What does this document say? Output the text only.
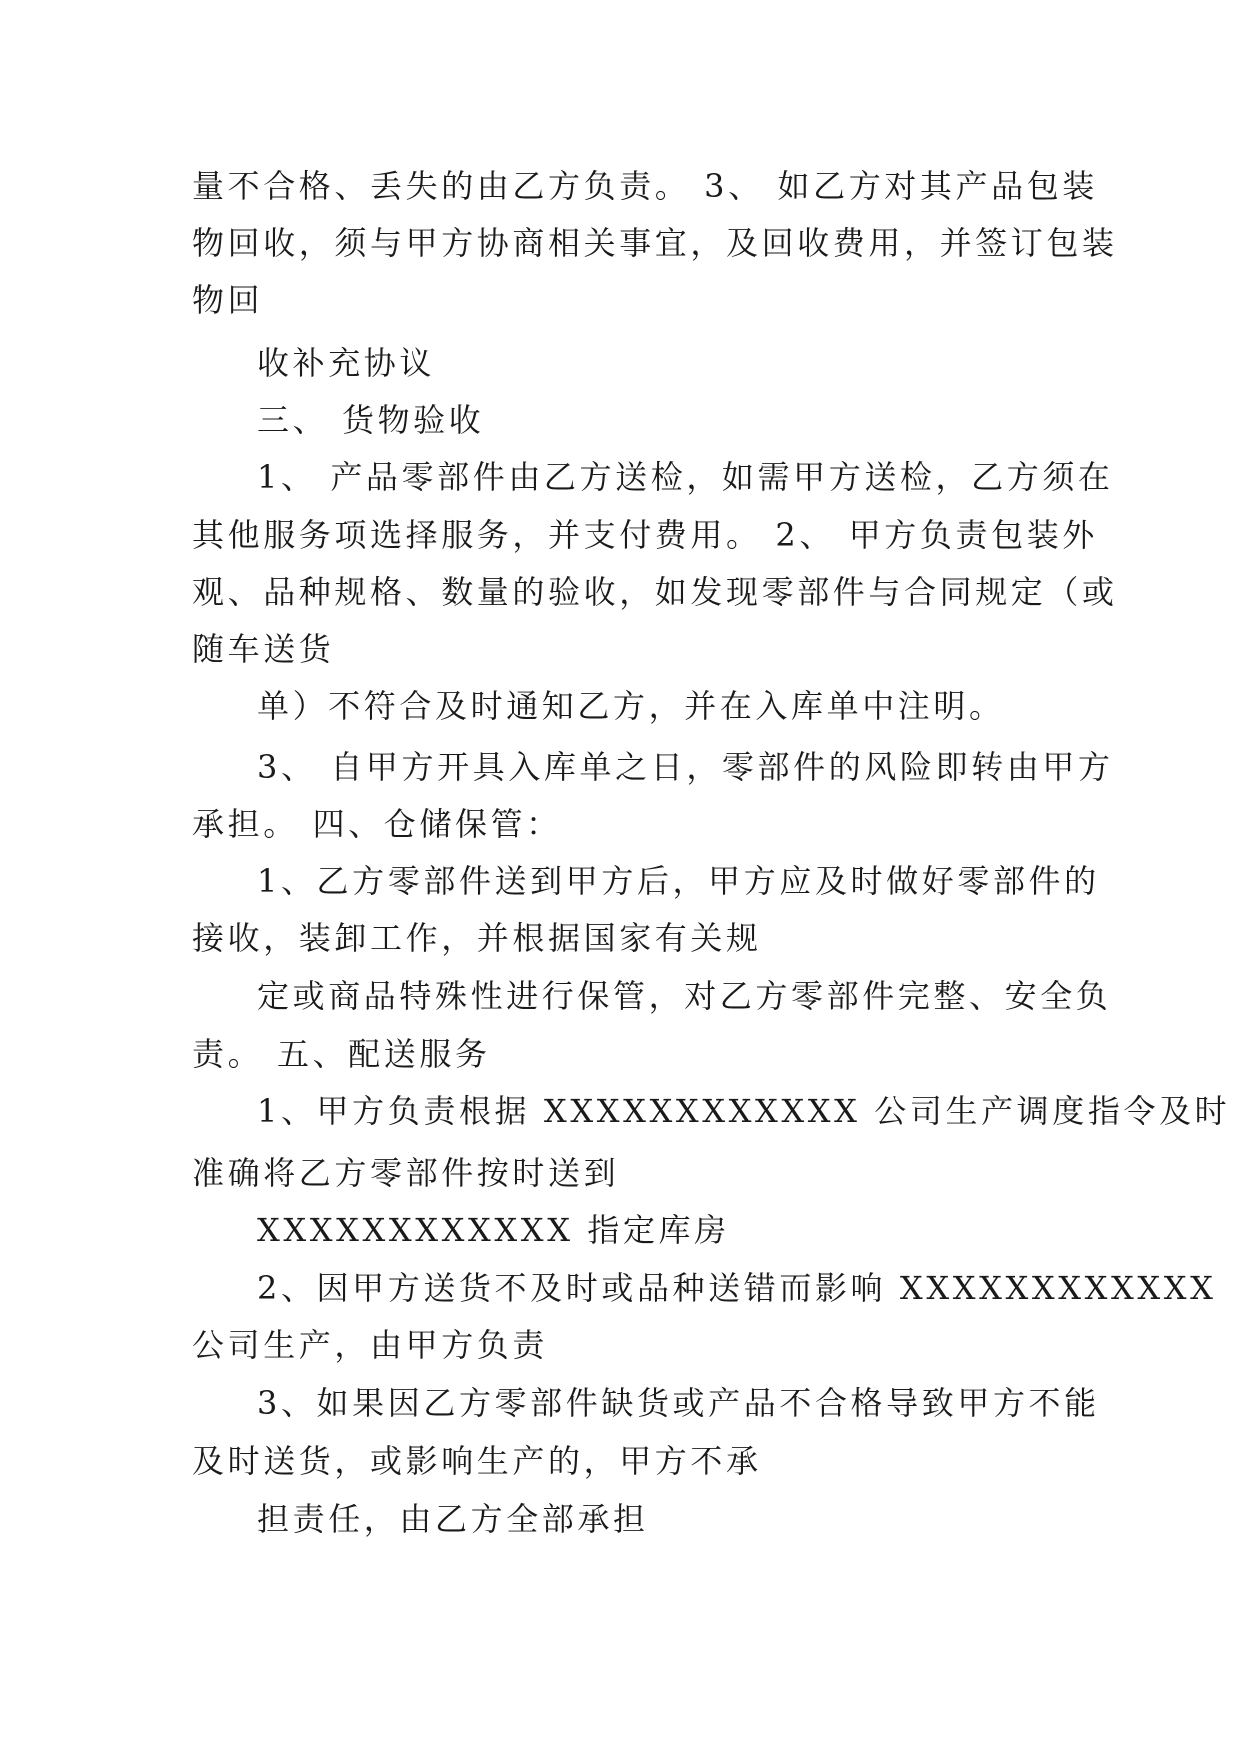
量不合格、丢失的由乙方负责。 3、 如乙方对其产品包装
物回收，须与甲方协商相关事宜，及回收费用，并签订包装
物回
收补充协议
三、 货物验收
1、 产品零部件由乙方送检，如需甲方送检，乙方须在
其他服务项选择服务，并支付费用。 2、 甲方负责包装外
观、品种规格、数量的验收，如发现零部件与合同规定（或
随车送货
单）不符合及时通知乙方，并在入库单中注明。
3、 自甲方开具入库单之日，零部件的风险即转由甲方
承担。 四、仓储保管：
1、乙方零部件送到甲方后，甲方应及时做好零部件的
接收，装卸工作，并根据国家有关规
定或商品特殊性进行保管，对乙方零部件完整、安全负
责。 五、配送服务
1、甲方负责根据 XXXXXXXXXXXX 公司生产调度指令及时
准确将乙方零部件按时送到
XXXXXXXXXXXX 指定库房
2、因甲方送货不及时或品种送错而影响 XXXXXXXXXXXX
公司生产，由甲方负责
3、如果因乙方零部件缺货或产品不合格导致甲方不能
及时送货，或影响生产的，甲方不承
担责任，由乙方全部承担
